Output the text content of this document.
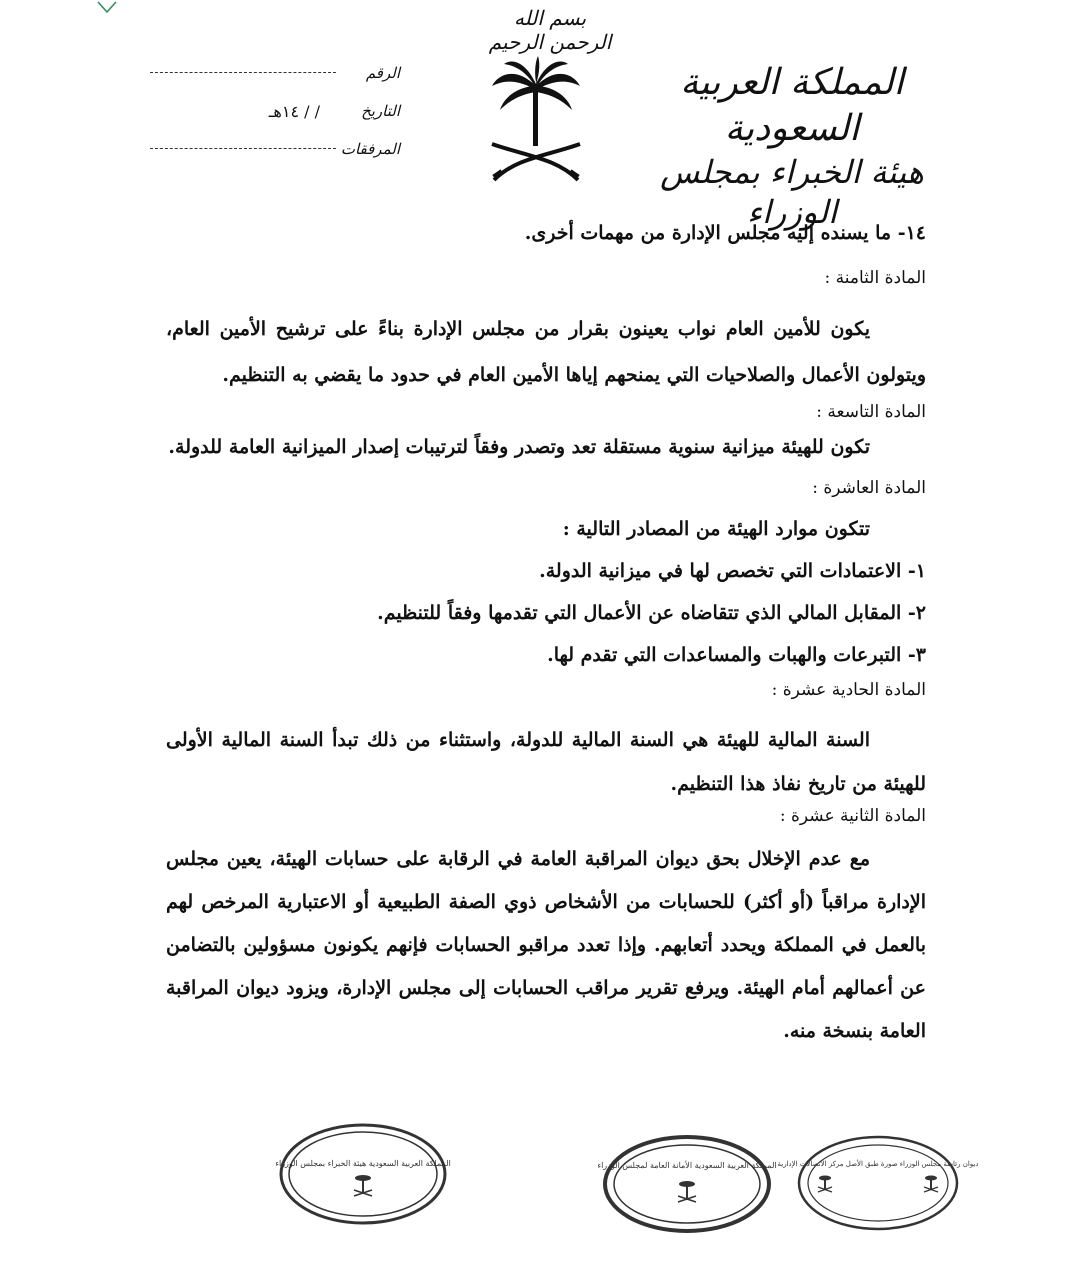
بسم الله الرحمن الرحيم
المملكة العربية السعودية
هيئة الخبراء بمجلس الوزراء
الرقم
التاريخ
/ / ١٤هـ
المرفقات

١٤- ما يسنده إليه مجلس الإدارة من مهمات أخرى.

المادة الثامنة :

يكون للأمين العام نواب يعينون بقرار من مجلس الإدارة بناءً على ترشيح الأمين العام، ويتولون الأعمال والصلاحيات التي يمنحهم إياها الأمين العام في حدود ما يقضي به التنظيم.

المادة التاسعة :

تكون للهيئة ميزانية سنوية مستقلة تعد وتصدر وفقاً لترتيبات إصدار الميزانية العامة للدولة.

المادة العاشرة :

تتكون موارد الهيئة من المصادر التالية :

١- الاعتمادات التي تخصص لها في ميزانية الدولة.

٢- المقابل المالي الذي تتقاضاه عن الأعمال التي تقدمها وفقاً للتنظيم.

٣- التبرعات والهبات والمساعدات التي تقدم لها.

المادة الحادية عشرة :

السنة المالية للهيئة هي السنة المالية للدولة، واستثناء من ذلك تبدأ السنة المالية الأولى للهيئة من تاريخ نفاذ هذا التنظيم.

المادة الثانية عشرة :

مع عدم الإخلال بحق ديوان المراقبة العامة في الرقابة على حسابات الهيئة، يعين مجلس الإدارة مراقباً (أو أكثر) للحسابات من الأشخاص ذوي الصفة الطبيعية أو الاعتبارية المرخص لهم بالعمل في المملكة ويحدد أتعابهم. وإذا تعدد مراقبو الحسابات فإنهم يكونون مسؤولين بالتضامن عن أعمالهم أمام الهيئة. ويرفع تقرير مراقب الحسابات إلى مجلس الإدارة، ويزود ديوان المراقبة العامة بنسخة منه.

المملكة العربية السعودية هيئة الخبراء بمجلس الوزراء	المملكة العربية السعودية الأمانة العامة لمجلس الوزراء ديوان رئاسة مجلس الوزراء صورة طبق الأصل مركز الاتصالات الإدارية
